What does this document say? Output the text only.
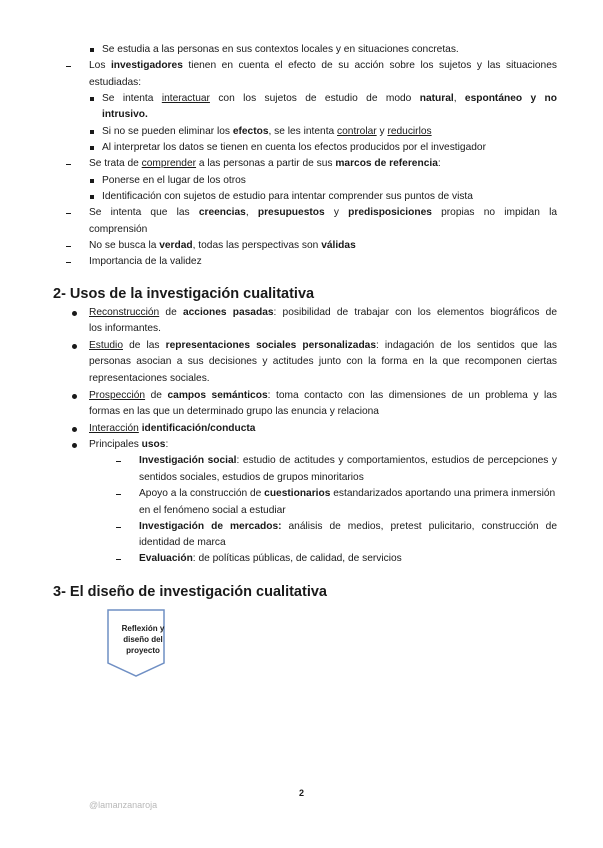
Se estudia a las personas en sus contextos locales y en situaciones concretas.
Los investigadores tienen en cuenta el efecto de su acción sobre los sujetos y las situaciones
estudiadas:
Se intenta interactuar con los sujetos de estudio de modo natural, espontáneo y no
intrusivo.
Si no se pueden eliminar los efectos, se les intenta controlar y reducirlos
Al interpretar los datos se tienen en cuenta los efectos producidos por el investigador
Se trata de comprender a las personas a partir de sus marcos de referencia:
Ponerse en el lugar de los otros
Identificación con sujetos de estudio para intentar comprender sus puntos de vista
Se intenta que las creencias, presupuestos y predisposiciones propias no impidan la
comprensión
No se busca la verdad, todas las perspectivas son válidas
Importancia de la validez
2- Usos de la investigación cualitativa
Reconstrucción de acciones pasadas: posibilidad de trabajar con los elementos biográficos de
los informantes.
Estudio de las representaciones sociales personalizadas: indagación de los sentidos que las
personas asocian a sus decisiones y actitudes junto con la forma en la que recomponen ciertas
representaciones sociales.
Prospección de campos semánticos: toma contacto con las dimensiones de un problema y las
formas en las que un determinado grupo las enuncia y relaciona
Interacción identificación/conducta
Principales usos:
Investigación social: estudio de actitudes y comportamientos, estudios de percepciones y
sentidos sociales, estudios de grupos minoritarios
Apoyo a la construcción de cuestionarios estandarizados aportando una primera inmersión
en el fenómeno social a estudiar
Investigación de mercados: análisis de medios, pretest pulicitario, construcción de
identidad de marca
Evaluación: de políticas públicas, de calidad, de servicios
3- El diseño de investigación cualitativa
Reflexión y
diseño del
proyecto
2
@lamanzanaroja
